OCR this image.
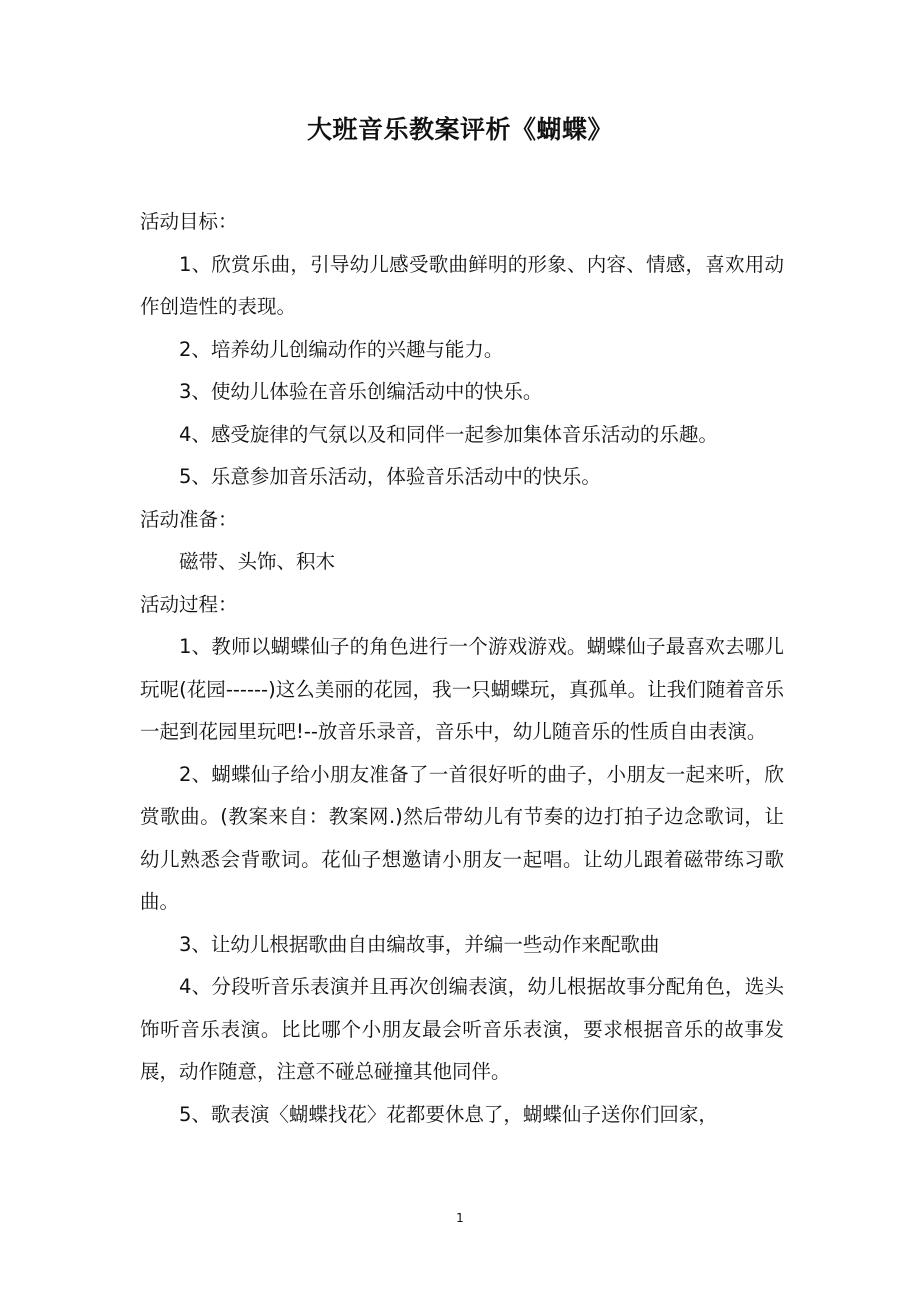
大班音乐教案评析《蝴蝶》

活动目标：

1、欣赏乐曲，引导幼儿感受歌曲鲜明的形象、内容、情感，喜欢用动作创造性的表现。

2、培养幼儿创编动作的兴趣与能力。

3、使幼儿体验在音乐创编活动中的快乐。

4、感受旋律的气氛以及和同伴一起参加集体音乐活动的乐趣。

5、乐意参加音乐活动，体验音乐活动中的快乐。

活动准备：

磁带、头饰、积木

活动过程：

1、教师以蝴蝶仙子的角色进行一个游戏游戏。蝴蝶仙子最喜欢去哪儿玩呢(花园------)这么美丽的花园，我一只蝴蝶玩，真孤单。让我们随着音乐一起到花园里玩吧!--放音乐录音，音乐中，幼儿随音乐的性质自由表演。

2、蝴蝶仙子给小朋友准备了一首很好听的曲子，小朋友一起来听，欣赏歌曲。(教案来自：教案网.)然后带幼儿有节奏的边打拍子边念歌词，让幼儿熟悉会背歌词。花仙子想邀请小朋友一起唱。让幼儿跟着磁带练习歌曲。

3、让幼儿根据歌曲自由编故事，并编一些动作来配歌曲

4、分段听音乐表演并且再次创编表演，幼儿根据故事分配角色，选头饰听音乐表演。比比哪个小朋友最会听音乐表演，要求根据音乐的故事发展，动作随意，注意不碰总碰撞其他同伴。

5、歌表演〈蝴蝶找花〉花都要休息了，蝴蝶仙子送你们回家，

1
